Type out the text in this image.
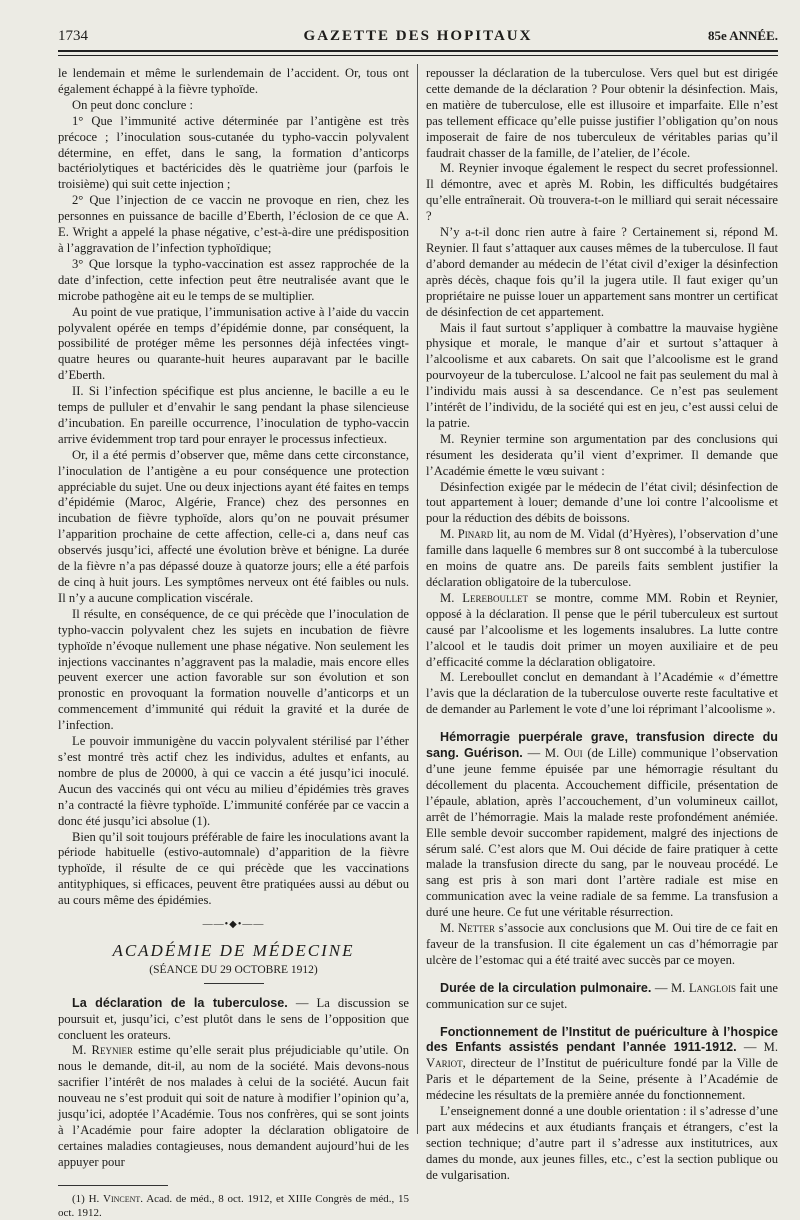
1734	GAZETTE DES HOPITAUX	85e ANNÉE.

le lendemain et même le surlendemain de l’accident. Or, tous ont également échappé à la fièvre typhoïde.

On peut donc conclure :

1° Que l’immunité active déterminée par l’antigène est très précoce ; l’inoculation sous-cutanée du typho-vaccin polyvalent détermine, en effet, dans le sang, la formation d’anticorps bactériolytiques et bactéricides dès le quatrième jour (parfois le troisième) qui suit cette injection ;

2° Que l’injection de ce vaccin ne provoque en rien, chez les personnes en puissance de bacille d’Eberth, l’éclosion de ce que A. E. Wright a appelé la phase négative, c’est-à-dire une prédisposition à l’aggravation de l’infection typhoïdique;

3° Que lorsque la typho-vaccination est assez rapprochée de la date d’infection, cette infection peut être neutralisée avant que le microbe pathogène ait eu le temps de se multiplier.

Au point de vue pratique, l’immunisation active à l’aide du vaccin polyvalent opérée en temps d’épidémie donne, par conséquent, la possibilité de protéger même les personnes déjà infectées vingt-quatre heures ou quarante-huit heures auparavant par le bacille d’Eberth.

II. Si l’infection spécifique est plus ancienne, le bacille a eu le temps de pulluler et d’envahir le sang pendant la phase silencieuse d’incubation. En pareille occurrence, l’inoculation de typho-vaccin arrive évidemment trop tard pour enrayer le processus infectieux.

Or, il a été permis d’observer que, même dans cette circonstance, l’inoculation de l’antigène a eu pour conséquence une protection appréciable du sujet. Une ou deux injections ayant été faites en temps d’épidémie (Maroc, Algérie, France) chez des personnes en incubation de fièvre typhoïde, alors qu’on ne pouvait présumer l’apparition prochaine de cette affection, celle-ci a, dans neuf cas observés jusqu’ici, affecté une évolution brève et bénigne. La durée de la fièvre n’a pas dépassé douze à quatorze jours; elle a été parfois de cinq à huit jours. Les symptômes nerveux ont été faibles ou nuls. Il n’y a aucune complication viscérale.

Il résulte, en conséquence, de ce qui précède que l’inoculation de typho-vaccin polyvalent chez les sujets en incubation de fièvre typhoïde n’évoque nullement une phase négative. Non seulement les injections vaccinantes n’aggravent pas la maladie, mais encore elles peuvent exercer une action favorable sur son évolution et son pronostic en provoquant la formation nouvelle d’anticorps et un commencement d’immunité qui réduit la gravité et la durée de l’infection.

Le pouvoir immunigène du vaccin polyvalent stérilisé par l’éther s’est montré très actif chez les individus, adultes et enfants, au nombre de plus de 20000, à qui ce vaccin a été jusqu’ici inoculé. Aucun des vaccinés qui ont vécu au milieu d’épidémies très graves n’a contracté la fièvre typhoïde. L’immunité conférée par ce vaccin a donc été jusqu’ici absolue (1).

Bien qu’il soit toujours préférable de faire les inoculations avant la période habituelle (estivo-automnale) d’apparition de la fièvre typhoïde, il résulte de ce qui précède que les vaccinations antityphiques, si efficaces, peuvent être pratiquées aussi au début ou au cours même des épidémies.

——•◆•——
ACADÉMIE DE MÉDECINE
(SÉANCE DU 29 OCTOBRE 1912)

La déclaration de la tuberculose. — La discussion se poursuit et, jusqu’ici, c’est plutôt dans le sens de l’opposition que concluent les orateurs.

M. Reynier estime qu’elle serait plus préjudiciable qu’utile. On nous le demande, dit-il, au nom de la société. Mais devons-nous sacrifier l’intérêt de nos malades à celui de la société. Aucun fait nouveau ne s’est produit qui soit de nature à modifier l’opinion qu’a, jusqu’ici, adoptée l’Académie. Tous nos confrères, qui se sont joints à l’Académie pour faire adopter la déclaration obligatoire de certaines maladies contagieuses, nous demandent aujourd’hui de les appuyer pour

(1) H. Vincent. Acad. de méd., 8 oct. 1912, et XIIIe Congrès de méd., 15 oct. 1912.

repousser la déclaration de la tuberculose. Vers quel but est dirigée cette demande de la déclaration ? Pour obtenir la désinfection. Mais, en matière de tuberculose, elle est illusoire et imparfaite. Elle n’est pas tellement efficace qu’elle puisse justifier l’obligation qu’on nous imposerait de faire de nos tuberculeux de véritables parias qu’il faudrait chasser de la famille, de l’atelier, de l’école.

M. Reynier invoque également le respect du secret professionnel. Il démontre, avec et après M. Robin, les difficultés budgétaires qu’elle entraînerait. Où trouvera-t-on le milliard qui serait nécessaire ?

N’y a-t-il donc rien autre à faire ? Certainement si, répond M. Reynier. Il faut s’attaquer aux causes mêmes de la tuberculose. Il faut d’abord demander au médecin de l’état civil d’exiger la désinfection après décès, chaque fois qu’il la jugera utile. Il faut exiger qu’un propriétaire ne puisse louer un appartement sans montrer un certificat de désinfection de cet appartement.

Mais il faut surtout s’appliquer à combattre la mauvaise hygiène physique et morale, le manque d’air et surtout s’attaquer à l’alcoolisme et aux cabarets. On sait que l’alcoolisme est le grand pourvoyeur de la tuberculose. L’alcool ne fait pas seulement du mal à l’individu mais aussi à sa descendance. Ce n’est pas seulement l’intérêt de l’individu, de la société qui est en jeu, c’est aussi celui de la patrie.

M. Reynier termine son argumentation par des conclusions qui résument les desiderata qu’il vient d’exprimer. Il demande que l’Académie émette le vœu suivant :

Désinfection exigée par le médecin de l’état civil; désinfection de tout appartement à louer; demande d’une loi contre l’alcoolisme et pour la réduction des débits de boissons.

M. Pinard lit, au nom de M. Vidal (d’Hyères), l’observation d’une famille dans laquelle 6 membres sur 8 ont succombé à la tuberculose en moins de quatre ans. De pareils faits semblent justifier la déclaration obligatoire de la tuberculose.

M. Lereboullet se montre, comme MM. Robin et Reynier, opposé à la déclaration. Il pense que le péril tuberculeux est surtout causé par l’alcoolisme et les logements insalubres. La lutte contre l’alcool et le taudis doit primer un moyen auxiliaire et de peu d’efficacité comme la déclaration obligatoire.

M. Lereboullet conclut en demandant à l’Académie « d’émettre l’avis que la déclaration de la tuberculose ouverte reste facultative et de demander au Parlement le vote d’une loi réprimant l’alcoolisme ».

Hémorragie puerpérale grave, transfusion directe du sang. Guérison. — M. Oui (de Lille) communique l’observation d’une jeune femme épuisée par une hémorragie résultant du décollement du placenta. Accouchement difficile, présentation de l’épaule, ablation, après l’accouchement, d’un volumineux caillot, arrêt de l’hémorragie. Mais la malade reste profondément anémiée. Elle semble devoir succomber rapidement, malgré des injections de sérum salé. C’est alors que M. Oui décide de faire pratiquer à cette malade la transfusion directe du sang, par le nouveau procédé. Le sang est pris à son mari dont l’artère radiale est mise en communication avec la veine radiale de sa femme. La transfusion a duré une heure. Ce fut une véritable résurrection.

M. Netter s’associe aux conclusions que M. Oui tire de ce fait en faveur de la transfusion. Il cite également un cas d’hémorragie par ulcère de l’estomac qui a été traité avec succès par ce moyen.

Durée de la circulation pulmonaire. — M. Langlois fait une communication sur ce sujet.

Fonctionnement de l’Institut de puériculture à l’hospice des Enfants assistés pendant l’année 1911-1912. — M. Variot, directeur de l’Institut de puériculture fondé par la Ville de Paris et le département de la Seine, présente à l’Académie de médecine les résultats de la première année du fonctionnement.

L’enseignement donné a une double orientation : il s’adresse d’une part aux médecins et aux étudiants français et étrangers, c’est la section technique; d’autre part il s’adresse aux institutrices, aux dames du monde, aux jeunes filles, etc., c’est la section publique ou de vulgarisation.
